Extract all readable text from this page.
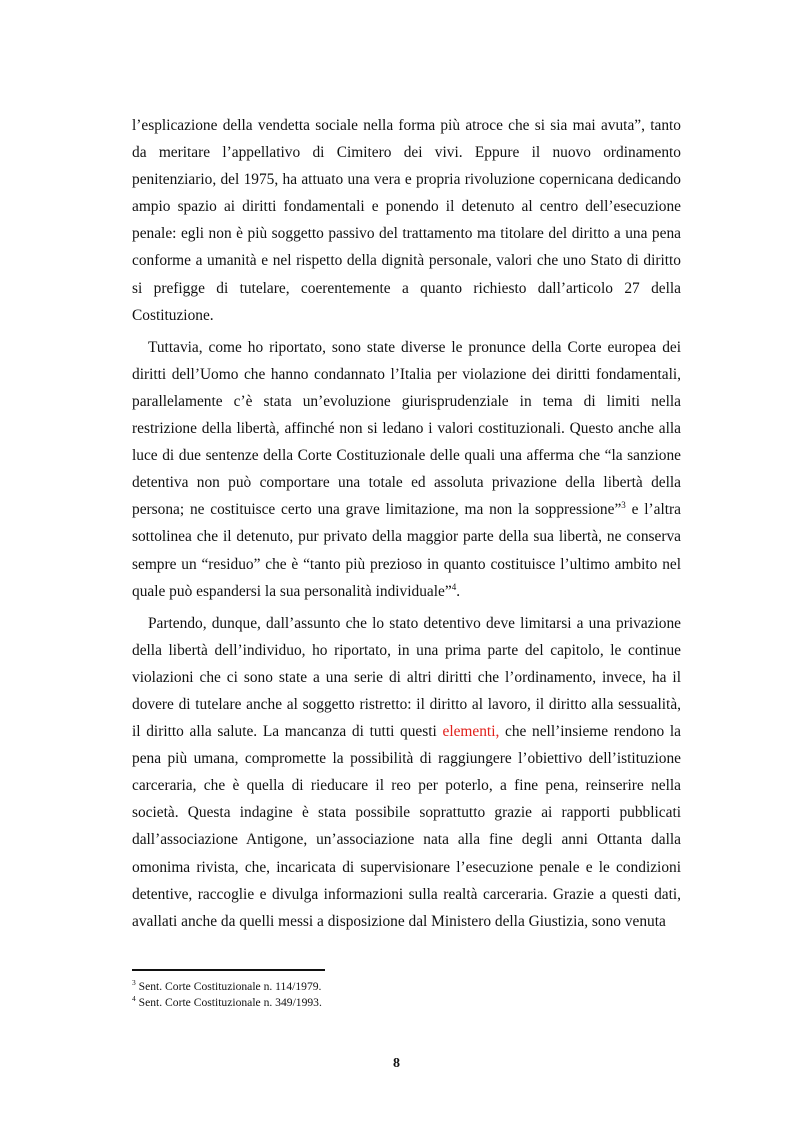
l’esplicazione della vendetta sociale nella forma più atroce che si sia mai avuta”, tanto da meritare l’appellativo di Cimitero dei vivi. Eppure il nuovo ordinamento penitenziario, del 1975, ha attuato una vera e propria rivoluzione copernicana dedicando ampio spazio ai diritti fondamentali e ponendo il detenuto al centro dell’esecuzione penale: egli non è più soggetto passivo del trattamento ma titolare del diritto a una pena conforme a umanità e nel rispetto della dignità personale, valori che uno Stato di diritto si prefigge di tutelare, coerentemente a quanto richiesto dall’articolo 27 della Costituzione.

Tuttavia, come ho riportato, sono state diverse le pronunce della Corte europea dei diritti dell’Uomo che hanno condannato l’Italia per violazione dei diritti fondamentali, parallelamente c’è stata un’evoluzione giurisprudenziale in tema di limiti nella restrizione della libertà, affinché non si ledano i valori costituzionali. Questo anche alla luce di due sentenze della Corte Costituzionale delle quali una afferma che “la sanzione detentiva non può comportare una totale ed assoluta privazione della libertà della persona; ne costituisce certo una grave limitazione, ma non la soppressione”$^3$ e l’altra sottolinea che il detenuto, pur privato della maggior parte della sua libertà, ne conserva sempre un “residuo” che è “tanto più prezioso in quanto costituisce l’ultimo ambito nel quale può espandersi la sua personalità individuale”$^4$.

Partendo, dunque, dall’assunto che lo stato detentivo deve limitarsi a una privazione della libertà dell’individuo, ho riportato, in una prima parte del capitolo, le continue violazioni che ci sono state a una serie di altri diritti che l’ordinamento, invece, ha il dovere di tutelare anche al soggetto ristretto: il diritto al lavoro, il diritto alla sessualità, il diritto alla salute. La mancanza di tutti questi elementi, che nell’insieme rendono la pena più umana, compromette la possibilità di raggiungere l’obiettivo dell’istituzione carceraria, che è quella di rieducare il reo per poterlo, a fine pena, reinserire nella società. Questa indagine è stata possibile soprattutto grazie ai rapporti pubblicati dall’associazione Antigone, un’associazione nata alla fine degli anni Ottanta dalla omonima rivista, che, incaricata di supervisionare l’esecuzione penale e le condizioni detentive, raccoglie e divulga informazioni sulla realtà carceraria. Grazie a questi dati, avallati anche da quelli messi a disposizione dal Ministero della Giustizia, sono venuta

$^3$ Sent. Corte Costituzionale n. 114/1979.
$^4$ Sent. Corte Costituzionale n. 349/1993.
8
